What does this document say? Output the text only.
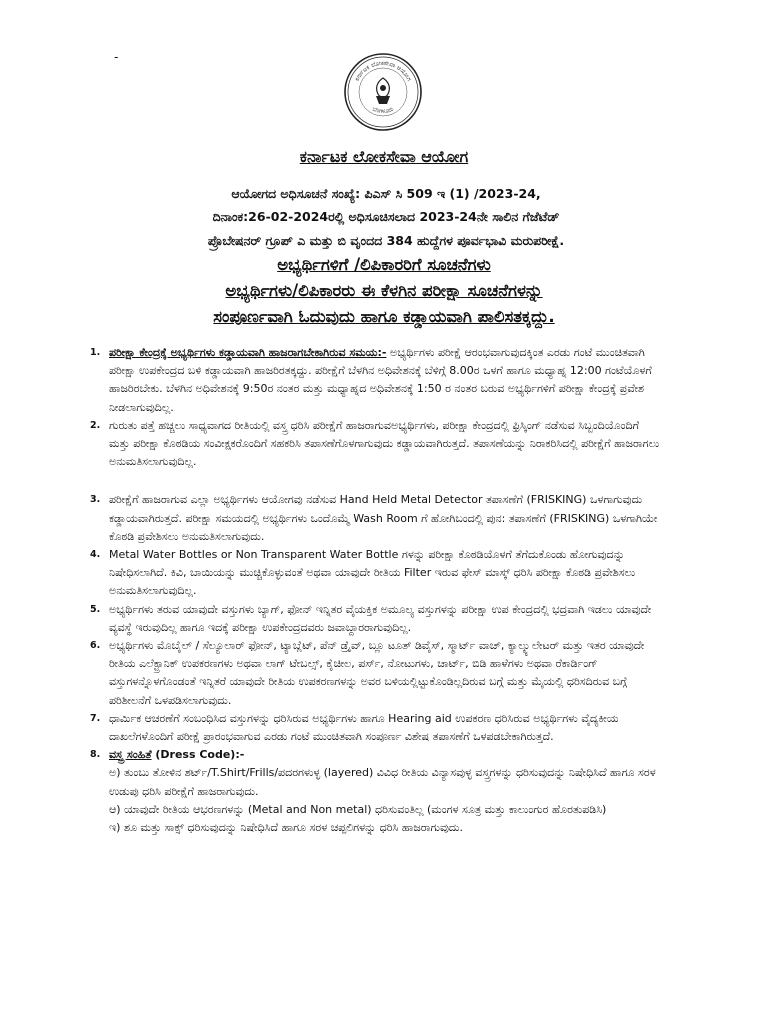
-
ಕರ್ನಾಟಕ ಲೋಕಸೇವಾ ಆಯೋಗ
ಬೆಂಗಳೂರು
ಕರ್ನಾಟಕ ಲೋಕಸೇವಾ ಆಯೋಗ
ಆಯೋಗದ ಅಧಿಸೂಚನೆ ಸಂಖ್ಯೆ: ಪಿಎಸ್ ಸಿ 509 ಇ (1) /2023-24,
ದಿನಾಂಕ:26-02-2024ರಲ್ಲಿ ಅಧಿಸೂಚಿಸಲಾದ 2023-24ನೇ ಸಾಲಿನ ಗೆಜೆಟೆಡ್
ಪ್ರೊಬೇಷನರ್ ಗ್ರೂಪ್ ಎ ಮತ್ತು ಬಿ ವೃಂದದ 384 ಹುದ್ದೆಗಳ ಪೂರ್ವಭಾವಿ ಮರುಪರೀಕ್ಷೆ.
ಅಭ್ಯರ್ಥಿಗಳಿಗೆ /ಲಿಪಿಕಾರರಿಗೆ ಸೂಚನೆಗಳು
ಅಭ್ಯರ್ಥಿಗಳು/ಲಿಪಿಕಾರರು ಈ ಕೆಳಗಿನ ಪರೀಕ್ಷಾ ಸೂಚನೆಗಳನ್ನು
ಸಂಪೂರ್ಣವಾಗಿ ಓದುವುದು ಹಾಗೂ ಕಡ್ಡಾಯವಾಗಿ ಪಾಲಿಸತಕ್ಕದ್ದು.
1. ಪರೀಕ್ಷಾ ಕೇಂದ್ರಕ್ಕೆ ಅಭ್ಯರ್ಥಿಗಳು ಕಡ್ಡಾಯವಾಗಿ ಹಾಜರಾಗಬೇಕಾಗಿರುವ ಸಮಯ:- ಅಭ್ಯರ್ಥಿಗಳು ಪರೀಕ್ಷೆ ಆರಂಭವಾಗುವುದಕ್ಕಿಂತ ಎರಡು ಗಂಟೆ ಮುಂಚಿತವಾಗಿ ಪರೀಕ್ಷಾ ಉಪಕೇಂದ್ರದ ಬಳಿ ಕಡ್ಡಾಯವಾಗಿ ಹಾಜರಿರತಕ್ಕದ್ದು. ಪರೀಕ್ಷೆಗೆ ಬೆಳಗಿನ ಅಧಿವೇಶನಕ್ಕೆ ಬೆಳಿಗ್ಗೆ 8.00ರ ಒಳಗೆ ಹಾಗೂ ಮಧ್ಯಾಹ್ನ 12:00 ಗಂಟೆಯೊಳಗೆ ಹಾಜರಿರಬೇಕು. ಬೆಳಗಿನ ಅಧಿವೇಶನಕ್ಕೆ 9:50ರ ನಂತರ ಮತ್ತು ಮಧ್ಯಾಹ್ನದ ಅಧಿವೇಶನಕ್ಕೆ 1:50 ರ ನಂತರ ಬರುವ ಅಭ್ಯರ್ಥಿಗಳಿಗೆ ಪರೀಕ್ಷಾ ಕೇಂದ್ರಕ್ಕೆ ಪ್ರವೇಶ ನೀಡಲಾಗುವುದಿಲ್ಲ.
2. ಗುರುತು ಪತ್ತೆ ಹಚ್ಚಲು ಸಾಧ್ಯವಾಗದ ರೀತಿಯಲ್ಲಿ ವಸ್ತ್ರ ಧರಿಸಿ ಪರೀಕ್ಷೆಗೆ ಹಾಜರಾಗುವಅಭ್ಯರ್ಥಿಗಳು, ಪರೀಕ್ಷಾ ಕೇಂದ್ರದಲ್ಲಿ ಫ್ರಿಸ್ಕಿಂಗ್ ನಡೆಸುವ ಸಿಬ್ಬಂದಿಯೊಂದಿಗೆ ಮತ್ತು ಪರೀಕ್ಷಾ ಕೊಠಡಿಯ ಸಂವೀಕ್ಷಕರೊಂದಿಗೆ ಸಹಕರಿಸಿ ತಪಾಸಣೆಗೊಳಗಾಗುವುದು ಕಡ್ಡಾಯವಾಗಿರುತ್ತದೆ. ತಪಾಸಣೆಯನ್ನು ನಿರಾಕರಿಸಿದಲ್ಲಿ ಪರೀಕ್ಷೆಗೆ ಹಾಜರಾಗಲು ಅನುಮತಿಸಲಾಗುವುದಿಲ್ಲ.
3. ಪರೀಕ್ಷೆಗೆ ಹಾಜರಾಗುವ ಎಲ್ಲಾ ಅಭ್ಯರ್ಥಿಗಳು ಆಯೋಗವು ನಡೆಸುವ Hand Held Metal Detector ತಪಾಸಣೆಗೆ (FRISKING) ಒಳಗಾಗುವುದು ಕಡ್ಡಾಯವಾಗಿರುತ್ತದೆ. ಪರೀಕ್ಷಾ ಸಮಯದಲ್ಲಿ ಅಭ್ಯರ್ಥಿಗಳು ಒಂದೊಮ್ಮೆ Wash Room ಗೆ ಹೋಗಿಬಂದಲ್ಲಿ ಪುನ: ತಪಾಸಣೆಗೆ (FRISKING) ಒಳಗಾಗಿಯೇ ಕೊಠಡಿ ಪ್ರವೇಶಿಸಲು ಅನುಮತಿಸಲಾಗುವುದು.
4. Metal Water Bottles or Non Transparent Water Bottle ಗಳನ್ನು ಪರೀಕ್ಷಾ ಕೊಠಡಿಯೊಳಗೆ ತೆಗೆದುಕೊಂಡು ಹೋಗುವುದನ್ನು ನಿಷೇಧಿಸಲಾಗಿದೆ. ಕಿವಿ, ಬಾಯಿಯನ್ನು ಮುಚ್ಚಿಕೊಳ್ಳುವಂತೆ ಅಥವಾ ಯಾವುದೇ ರೀತಿಯ Filter ಇರುವ ಫೇಸ್ ಮಾಸ್ಕ್ ಧರಿಸಿ ಪರೀಕ್ಷಾ ಕೊಠಡಿ ಪ್ರವೇಶಿಸಲು ಅನುಮತಿಸಲಾಗುವುದಿಲ್ಲ.
5. ಅಭ್ಯರ್ಥಿಗಳು ತರುವ ಯಾವುದೇ ವಸ್ತುಗಳು ಬ್ಯಾಗ್, ಫೋನ್ ಇನ್ನಿತರ ವೈಯಕ್ತಿಕ ಅಮೂಲ್ಯ ವಸ್ತುಗಳನ್ನು ಪರೀಕ್ಷಾ ಉಪ ಕೇಂದ್ರದಲ್ಲಿ ಭದ್ರವಾಗಿ ಇಡಲು ಯಾವುದೇ ವ್ಯವಸ್ಥೆ ಇರುವುದಿಲ್ಲ ಹಾಗೂ ಇದಕ್ಕೆ ಪರೀಕ್ಷಾ ಉಪಕೇಂದ್ರದವರು ಜವಾಬ್ದಾರರಾಗುವುದಿಲ್ಲ.
6. ಅಭ್ಯರ್ಥಿಗಳು ಮೊಬೈಲ್ / ಸೆಲ್ಯೂಲಾರ್ ಫೋನ್, ಟ್ಯಾಬ್ಲೆಟ್, ಪೆನ್ ಡ್ರೈವ್, ಬ್ಲೂ ಟೂತ್ ಡಿವೈಸ್, ಸ್ಮಾರ್ಟ್ ವಾಚ್, ಕ್ಯಾಲ್ಕ್ಯುಲೇಟರ್ ಮತ್ತು ಇತರ ಯಾವುದೇ ರೀತಿಯ ಎಲೆಕ್ಟ್ರಾನಿಕ್ ಉಪಕರಣಗಳು ಅಥವಾ ಲಾಗ್ ಟೇಬಲ್ಸ್, ಕೈಚೀಲ, ಪರ್ಸ್, ನೋಟುಗಳು, ಚಾರ್ಟ್, ಬಿಡಿ ಹಾಳೆಗಳು ಅಥವಾ ರೆಕಾರ್ಡಿಂಗ್ ವಸ್ತುಗಳನ್ನೊಳಗೊಂಡಂತೆ ಇನ್ನಿತರೆ ಯಾವುದೇ ರೀತಿಯ ಉಪಕರಣಗಳನ್ನು ಅವರ ಬಳಿಯಲ್ಲಿಟ್ಟುಕೊಂಡಿಲ್ಲದಿರುವ ಬಗ್ಗೆ ಮತ್ತು ಮೈಯಲ್ಲಿ ಧರಿಸದಿರುವ ಬಗ್ಗೆ ಪರಿಶೀಲನೆಗೆ ಒಳಪಡಿಸಲಾಗುವುದು.
7. ಧಾರ್ಮಿಕ ಆಚರಣೆಗೆ ಸಂಬಂಧಿಸಿದ ವಸ್ತುಗಳನ್ನು ಧರಿಸಿರುವ ಅಭ್ಯರ್ಥಿಗಳು ಹಾಗೂ Hearing aid ಉಪಕರಣ ಧರಿಸಿರುವ ಅಭ್ಯರ್ಥಿಗಳು ವೈದ್ಯಕೀಯ ದಾಖಲೆಗಳೊಂದಿಗೆ ಪರೀಕ್ಷೆ ಪ್ರಾರಂಭವಾಗುವ ಎರಡು ಗಂಟೆ ಮುಂಚಿತವಾಗಿ ಸಂಪೂರ್ಣ ವಿಶೇಷ ತಪಾಸಣೆಗೆ ಒಳಪಡಬೇಕಾಗಿರುತ್ತದೆ.
8. ವಸ್ತ್ರ ಸಂಹಿತೆ (Dress Code):-
ಅ) ತುಂಬು ತೋಳಿನ ಶರ್ಟ್/T.Shirt/Frills/ಪದರಗಳುಳ್ಳ (layered) ವಿವಿಧ ರೀತಿಯ ವಿನ್ಯಾಸವುಳ್ಳ ವಸ್ತ್ರಗಳನ್ನು ಧರಿಸುವುದನ್ನು ನಿಷೇಧಿಸಿದೆ ಹಾಗೂ ಸರಳ ಉಡುಪು ಧರಿಸಿ ಪರೀಕ್ಷೆಗೆ ಹಾಜರಾಗುವುದು.
ಆ) ಯಾವುದೇ ರೀತಿಯ ಆಭರಣಗಳನ್ನು (Metal and Non metal) ಧರಿಸುವಂತಿಲ್ಲ (ಮಂಗಳ ಸೂತ್ರ ಮತ್ತು ಕಾಲುಂಗುರ ಹೊರತುಪಡಿಸಿ)
ಇ) ಶೂ ಮತ್ತು ಸಾಕ್ಸ್ ಧರಿಸುವುದನ್ನು ನಿಷೇಧಿಸಿದೆ ಹಾಗೂ ಸರಳ ಚಪ್ಪಲಿಗಳನ್ನು ಧರಿಸಿ ಹಾಜರಾಗುವುದು.
